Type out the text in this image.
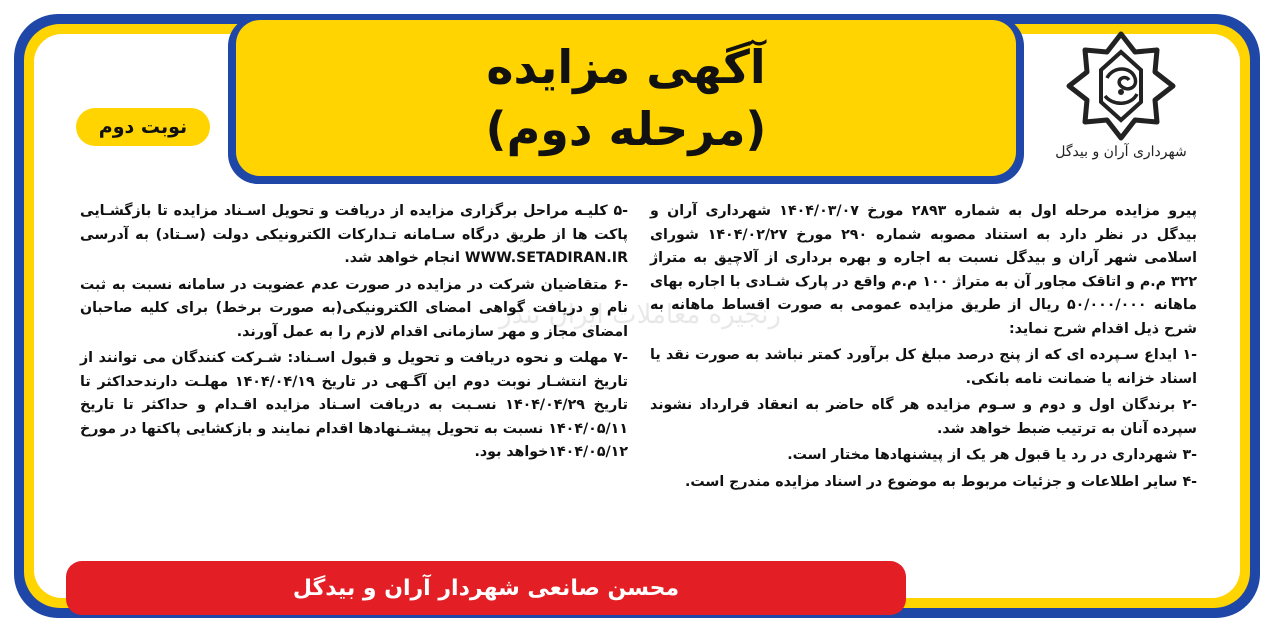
آگهی مزایده
(مرحله دوم)
نوبت دوم
شهرداری آران و بیدگل

پیرو مزایده مرحله اول به شماره ۲۸۹۳ مورخ ۱۴۰۴/۰۳/۰۷ شهرداری آران و بیدگل در نظر دارد به استناد مصوبه شماره ۲۹۰ مورخ ۱۴۰۴/۰۲/۲۷ شورای اسلامی شهر آران و بیدگل نسبت به اجاره و بهره برداری از آلاچیق به متراژ ۳۲۲ م.م و اتاقک مجاور آن به متراژ ۱۰۰ م.م واقع در پارک شـادی با اجاره بهای ماهانه ۵۰/۰۰۰/۰۰۰ ریال از طریق مزایده عمومی به صورت اقساط ماهانه به شرح ذیل اقدام شرح نماید:

-۱ ایداع سـپرده ای که از پنج درصد مبلغ کل برآورد کمتر نباشد به صورت نقد یا اسناد خزانه یا ضمانت نامه بانکی.

-۲ برندگان اول و دوم و سـوم مزایده هر گاه حاضر به انعقاد قرارداد نشوند سپرده آنان به ترتیب ضبط خواهد شد.

-۳ شهرداری در رد یا قبول هر یک از پیشنهادها مختار است.

-۴ سایر اطلاعات و جزئیات مربوط به موضوع در اسناد مزایده مندرج است.

-۵ کلیـه مراحل برگزاری مزایده از دریافت و تحویل اسـناد مزایده تا بازگشـایی پاکت ها از طریق درگاه سـامانه تـدارکات الکترونیکی دولت (سـتاد) به آدرسی WWW.SETADIRAN.IR انجام خواهد شد.

-۶ متقاضیان شرکت در مزایده در صورت عدم عضویت در سامانه نسبت به ثبت نام و دریافت گواهی امضای الکترونیکی(به صورت برخط) برای کلیه صاحبان امضای مجاز و مهر سازمانی اقدام لازم را به عمل آورند.

-۷ مهلت و نحوه دریافت و تحویل و قبول اسـناد: شـرکت کنندگان می توانند از تاریخ انتشـار نوبت دوم این آگـهی در تاریخ ۱۴۰۴/۰۴/۱۹ مهلـت دارندحداکثر تا تاریخ ۱۴۰۴/۰۴/۲۹ نسـبت به دریافت اسـناد مزایده اقـدام و حداکثر تا تاریخ ۱۴۰۴/۰۵/۱۱ نسبت به تحویل پیشـنهادها اقدام نمایند و بازکشایی پاکتها در مورخ ۱۴۰۴/۰۵/۱۲خواهد بود.

محسن صانعی شهردار آران و بیدگل
